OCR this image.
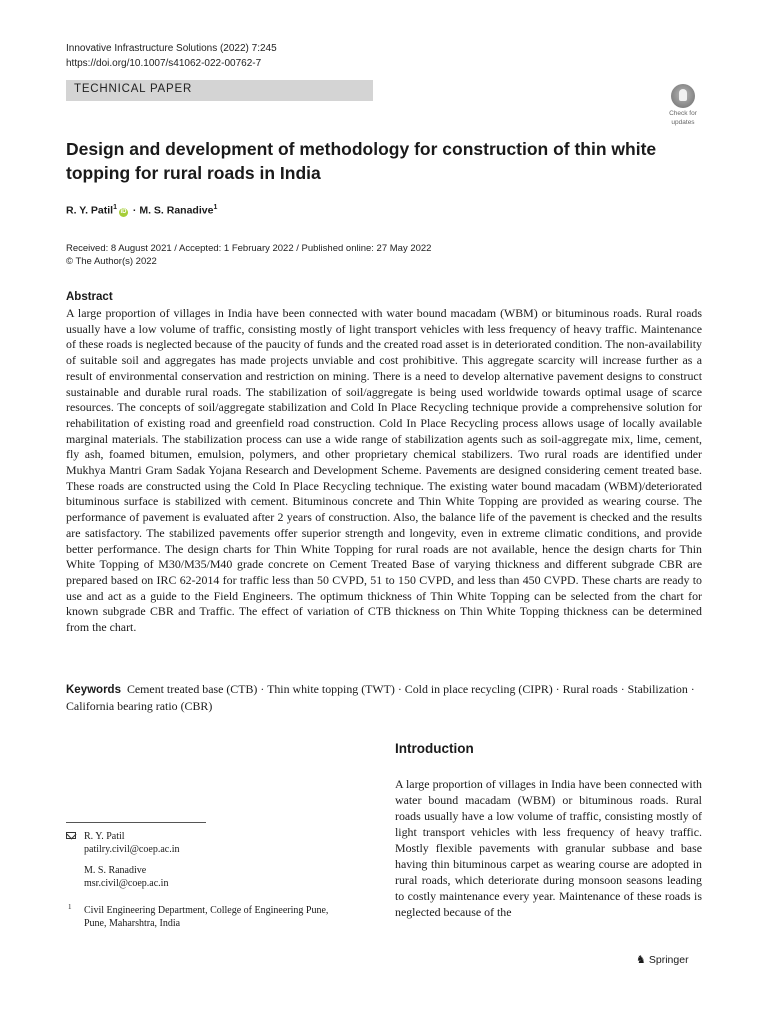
Innovative Infrastructure Solutions (2022) 7:245
https://doi.org/10.1007/s41062-022-00762-7
TECHNICAL PAPER
Check for
updates
Design and development of methodology for construction of thin white topping for rural roads in India
R. Y. Patil$^1$iD · M. S. Ranadive$^1$
Received: 8 August 2021 / Accepted: 1 February 2022 / Published online: 27 May 2022
© The Author(s) 2022
Abstract

A large proportion of villages in India have been connected with water bound macadam (WBM) or bituminous roads. Rural roads usually have a low volume of traffic, consisting mostly of light transport vehicles with less frequency of heavy traffic. Maintenance of these roads is neglected because of the paucity of funds and the created road asset is in deteriorated condition. The non-availability of suitable soil and aggregates has made projects unviable and cost prohibitive. This aggregate scarcity will increase further as a result of environmental conservation and restriction on mining. There is a need to develop alternative pavement designs to construct sustainable and durable rural roads. The stabilization of soil/aggregate is being used worldwide towards optimal usage of scarce resources. The concepts of soil/aggregate stabilization and Cold In Place Recycling technique provide a comprehensive solution for rehabilitation of existing road and greenfield road construction. Cold In Place Recycling process allows usage of locally available marginal materials. The stabilization process can use a wide range of stabilization agents such as soil-aggregate mix, lime, cement, fly ash, foamed bitumen, emulsion, polymers, and other proprietary chemical stabilizers. Two rural roads are identified under Mukhya Mantri Gram Sadak Yojana Research and Development Scheme. Pavements are designed considering cement treated base. These roads are constructed using the Cold In Place Recycling technique. The existing water bound macadam (WBM)/deteriorated bituminous surface is stabilized with cement. Bituminous concrete and Thin White Topping are provided as wearing course. The performance of pavement is evaluated after 2 years of construction. Also, the balance life of the pavement is checked and the results are satisfactory. The stabilized pavements offer superior strength and longevity, even in extreme climatic conditions, and provide better performance. The design charts for Thin White Topping for rural roads are not available, hence the design charts for Thin White Topping of M30/M35/M40 grade concrete on Cement Treated Base of varying thickness and different subgrade CBR are prepared based on IRC 62-2014 for traffic less than 50 CVPD, 51 to 150 CVPD, and less than 450 CVPD. These charts are ready to use and act as a guide to the Field Engineers. The optimum thickness of Thin White Topping can be selected from the chart for known subgrade CBR and Traffic. The effect of variation of CTB thickness on Thin White Topping thickness can be determined from the chart.

Keywords Cement treated base (CTB) · Thin white topping (TWT) · Cold in place recycling (CIPR) · Rural roads · Stabilization · California bearing ratio (CBR)
Introduction

A large proportion of villages in India have been connected with water bound macadam (WBM) or bituminous roads. Rural roads usually have a low volume of traffic, consisting mostly of light transport vehicles with less frequency of heavy traffic. Mostly flexible pavements with granular subbase and base having thin bituminous carpet as wearing course are adopted in rural roads, which deteriorate during monsoon seasons leading to costly maintenance every year. Maintenance of these roads is neglected because of the

R. Y. Patil
patilry.civil@coep.ac.in
M. S. Ranadive
msr.civil@coep.ac.in
1 Civil Engineering Department, College of Engineering Pune,
Pune, Maharshtra, India
♞ Springer
